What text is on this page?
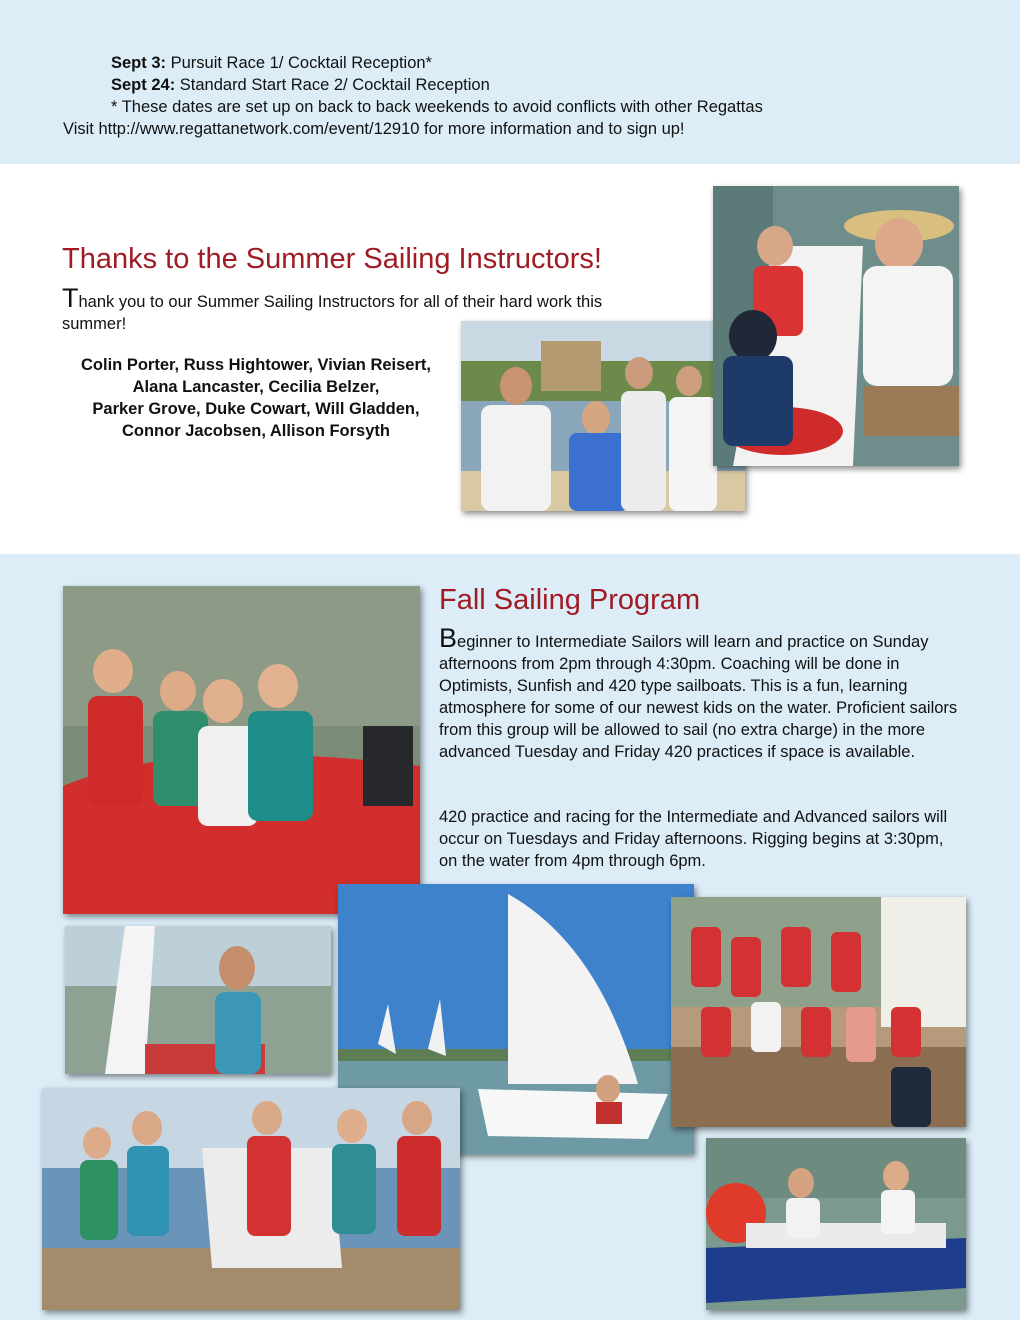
Sept 3: Pursuit Race 1/ Cocktail Reception*
Sept 24: Standard Start Race 2/ Cocktail Reception
* These dates are set up on back to back weekends to avoid conflicts with other Regattas
Visit http://www.regattanetwork.com/event/12910 for more information and to sign up!
Thanks to the Summer Sailing Instructors!
Thank you to our Summer Sailing Instructors for all of their hard work this summer!
Colin Porter, Russ Hightower, Vivian Reisert,
Alana Lancaster, Cecilia Belzer,
Parker Grove, Duke Cowart, Will Gladden,
Connor Jacobsen, Allison Forsyth
Fall Sailing Program
Beginner to Intermediate Sailors will learn and practice on Sunday afternoons from 2pm through 4:30pm. Coaching will be done in Optimists, Sunfish and 420 type sailboats. This is a fun, learning atmosphere for some of our newest kids on the water. Proficient sailors from this group will be allowed to sail (no extra charge) in the more advanced Tuesday and Friday 420 practices if space is available.
420 practice and racing for the Intermediate and Advanced sailors will occur on Tuesdays and Friday afternoons. Rigging begins at 3:30pm, on the water from 4pm through 6pm.
